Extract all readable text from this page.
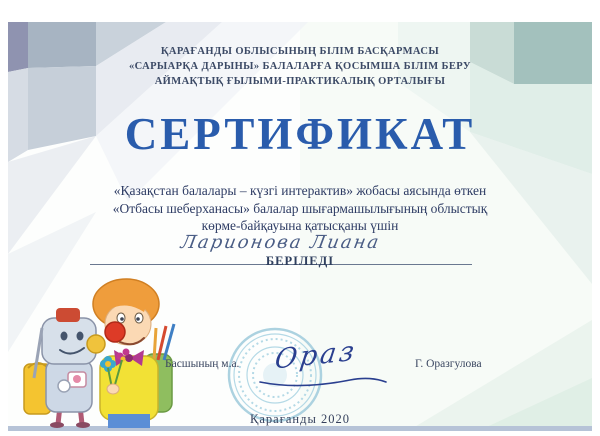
ҚАРАҒАНДЫ ОБЛЫСЫНЫҢ БІЛІМ БАСҚАРМАСЫ
«САРЫАРҚА ДАРЫНЫ» БАЛАЛАРҒА ҚОСЫМША БІЛІМ БЕРУ
АЙМАҚТЫҚ ҒЫЛЫМИ-ПРАКТИКАЛЫҚ ОРТАЛЫҒЫ
СЕРТИФИКАТ
«Қазақстан балалары – күзгі интерактив» жобасы аясында өткен
«Отбасы шеберханасы» балалар шығармашылығының облыстық
көрме-байқауына қатысқаны үшін
Ларионова Лиана
БЕРІЛЕДІ
Басшының м.а.	Ораз	Г. Оразгулова
Қарағанды 2020
